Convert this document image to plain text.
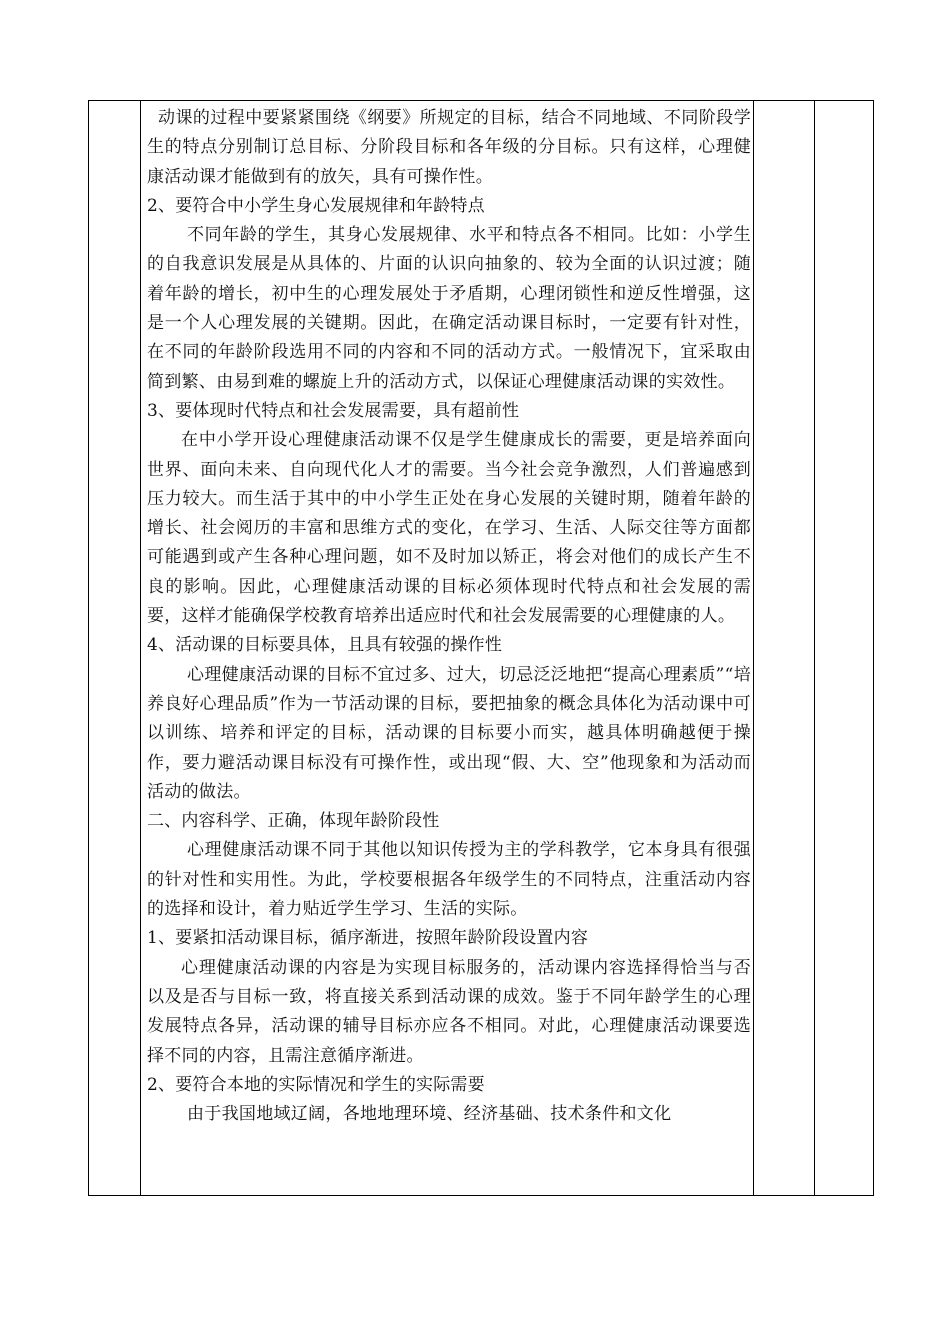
动课的过程中要紧紧围绕《纲要》所规定的目标，结合不同地域、不同阶段学生的特点分别制订总目标、分阶段目标和各年级的分目标。只有这样，心理健康活动课才能做到有的放矢，具有可操作性。

2、要符合中小学生身心发展规律和年龄特点

不同年龄的学生，其身心发展规律、水平和特点各不相同。比如：小学生的自我意识发展是从具体的、片面的认识向抽象的、较为全面的认识过渡；随着年龄的增长，初中生的心理发展处于矛盾期，心理闭锁性和逆反性增强，这是一个人心理发展的关键期。因此，在确定活动课目标时，一定要有针对性，在不同的年龄阶段选用不同的内容和不同的活动方式。一般情况下，宜采取由简到繁、由易到难的螺旋上升的活动方式，以保证心理健康活动课的实效性。

3、要体现时代特点和社会发展需要，具有超前性

在中小学开设心理健康活动课不仅是学生健康成长的需要，更是培养面向世界、面向未来、自向现代化人才的需要。当今社会竞争激烈，人们普遍感到压力较大。而生活于其中的中小学生正处在身心发展的关键时期，随着年龄的增长、社会阅历的丰富和思维方式的变化，在学习、生活、人际交往等方面都可能遇到或产生各种心理问题，如不及时加以矫正，将会对他们的成长产生不良的影响。因此，心理健康活动课的目标必须体现时代特点和社会发展的需要，这样才能确保学校教育培养出适应时代和社会发展需要的心理健康的人。

4、活动课的目标要具体，且具有较强的操作性

心理健康活动课的目标不宜过多、过大，切忌泛泛地把“提高心理素质”“培养良好心理品质”作为一节活动课的目标，要把抽象的概念具体化为活动课中可以训练、培养和评定的目标，活动课的目标要小而实，越具体明确越便于操作，要力避活动课目标没有可操作性，或出现“假、大、空”他现象和为活动而活动的做法。

二、内容科学、正确，体现年龄阶段性

心理健康活动课不同于其他以知识传授为主的学科教学，它本身具有很强的针对性和实用性。为此，学校要根据各年级学生的不同特点，注重活动内容的选择和设计，着力贴近学生学习、生活的实际。

1、要紧扣活动课目标，循序渐进，按照年龄阶段设置内容

心理健康活动课的内容是为实现目标服务的，活动课内容选择得恰当与否以及是否与目标一致，将直接关系到活动课的成效。鉴于不同年龄学生的心理发展特点各异，活动课的辅导目标亦应各不相同。对此，心理健康活动课要选择不同的内容，且需注意循序渐进。

2、要符合本地的实际情况和学生的实际需要

由于我国地域辽阔，各地地理环境、经济基础、技术条件和文化
